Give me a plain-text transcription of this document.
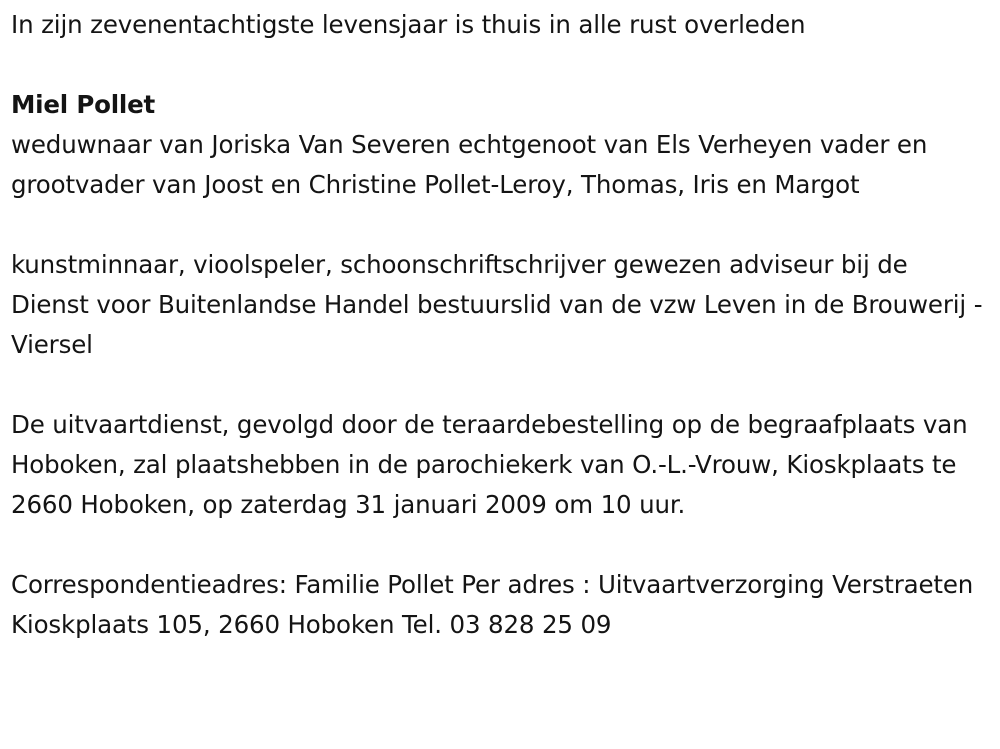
In zijn zevenentachtigste levensjaar is thuis in alle rust overleden

Miel Pollet

weduwnaar van Joriska Van Severen echtgenoot van Els Verheyen vader en grootvader van Joost en Christine Pollet-Leroy, Thomas, Iris en Margot

kunstminnaar, vioolspeler, schoonschriftschrijver gewezen adviseur bij de Dienst voor Buitenlandse Handel bestuurslid van de vzw Leven in de Brouwerij - Viersel

De uitvaartdienst, gevolgd door de teraardebestelling op de begraafplaats van Hoboken, zal plaatshebben in de parochiekerk van O.-L.-Vrouw, Kioskplaats te 2660 Hoboken, op zaterdag 31 januari 2009 om 10 uur.

Correspondentieadres: Familie Pollet Per adres : Uitvaartverzorging Verstraeten Kioskplaats 105, 2660 Hoboken Tel. 03 828 25 09
